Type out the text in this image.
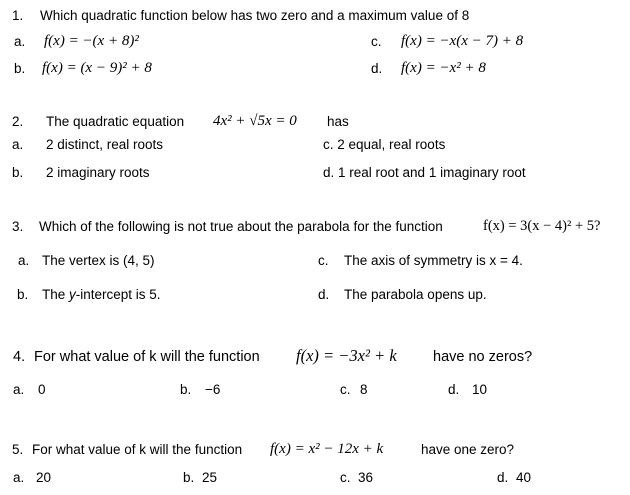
1. Which quadratic function below has two zero and a maximum value of 8
a. f(x) = −(x + 8)²	c. f(x) = −x(x − 7) + 8
b. f(x) = (x − 9)² + 8	d. f(x) = −x² + 8
2. The quadratic equation 4x² + √5x = 0 has
a. 2 distinct, real roots	c. 2 equal, real roots
b. 2 imaginary roots	d. 1 real root and 1 imaginary root
3. Which of the following is not true about the parabola for the function	f(x) = 3(x − 4)² + 5?
a. The vertex is (4, 5)	c. The axis of symmetry is x = 4.
b. The y-intercept is 5.	d. The parabola opens up.
4. For what value of k will the function f(x) = −3x² + k	have no zeros?
a. 0	b. −6	c. 8	d. 10
5. For what value of k will the function f(x) = x² − 12x + k	have one zero?
a. 20	b. 25	c. 36	d. 40
